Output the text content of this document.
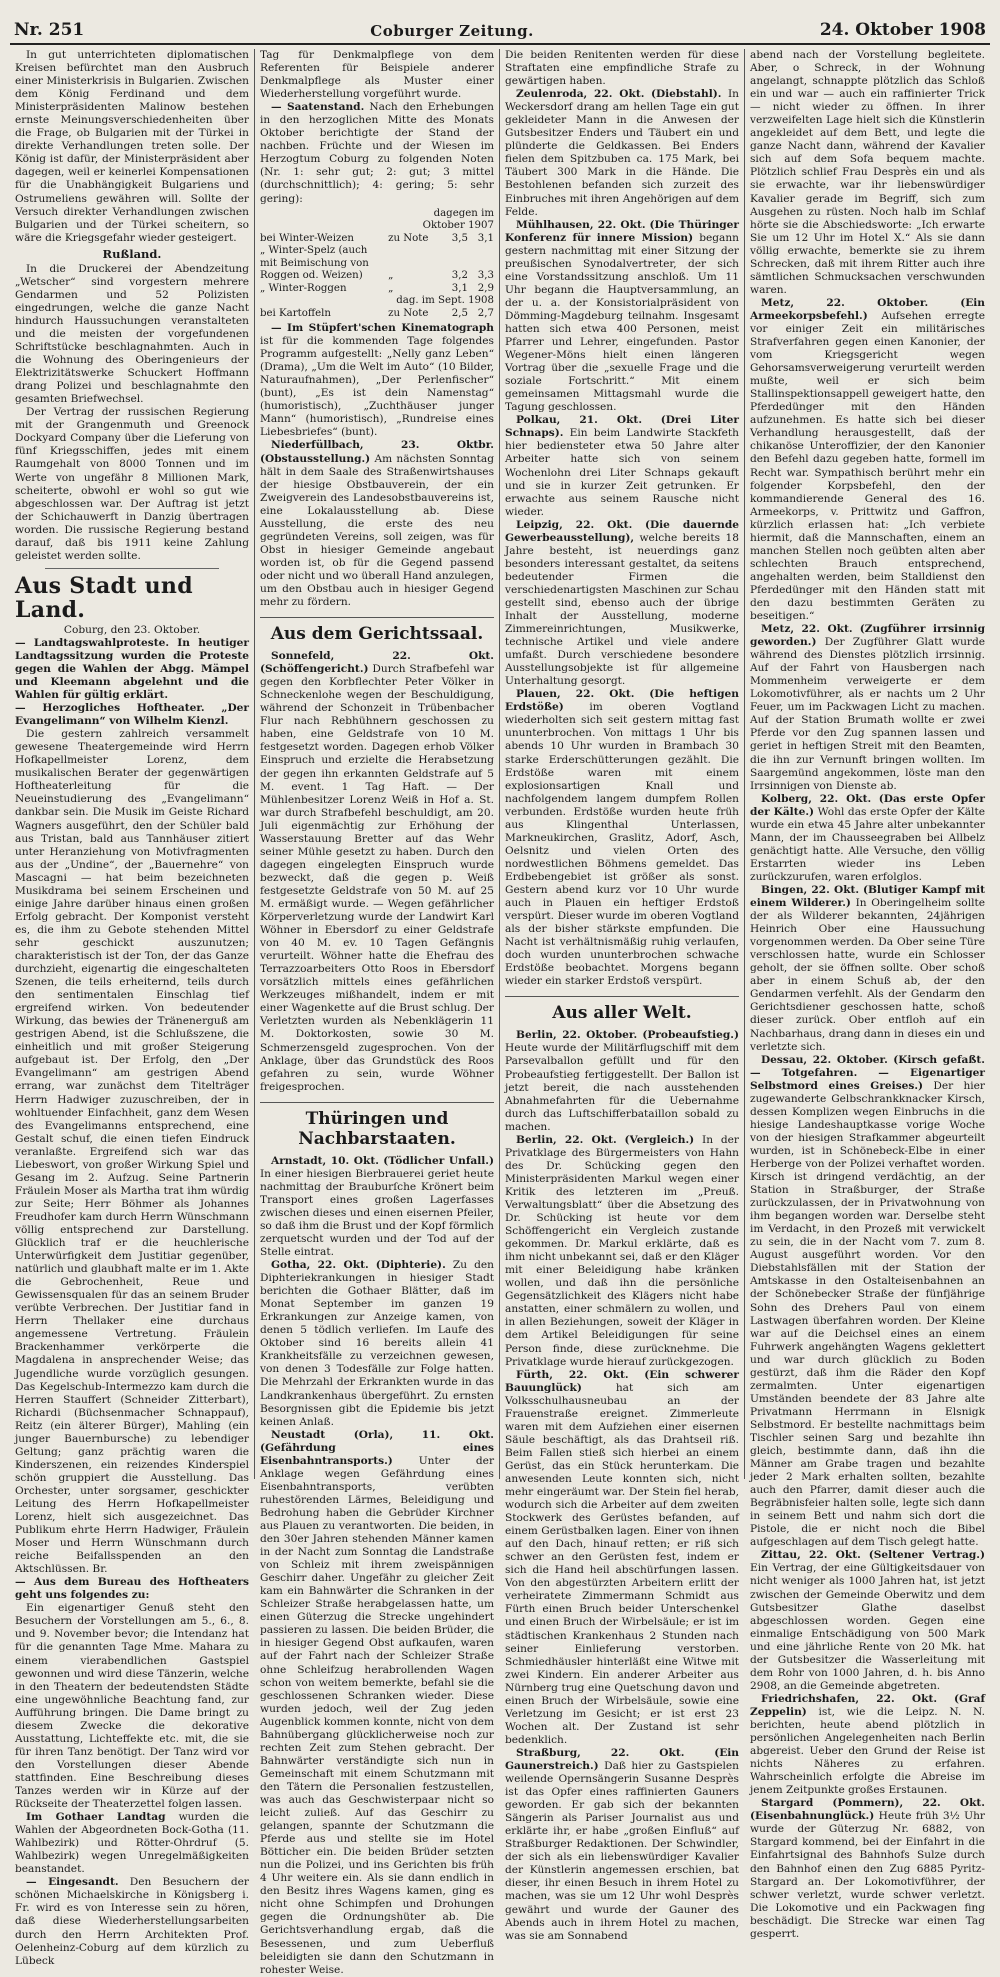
Nr. 251	Coburger Zeitung.	24. Oktober 1908

In gut unterrichteten diplomatischen Kreisen befürchtet man den Ausbruch einer Ministerkrisis in Bulgarien. Zwischen dem König Ferdinand und dem Ministerpräsidenten Malinow bestehen ernste Meinungsverschiedenheiten über die Frage, ob Bulgarien mit der Türkei in direkte Verhandlungen treten solle. Der König ist dafür, der Ministerpräsident aber dagegen, weil er keinerlei Kompensationen für die Unabhängigkeit Bulgariens und Ostrumeliens gewähren will. Sollte der Versuch direkter Verhandlungen zwischen Bulgarien und der Türkei scheitern, so wäre die Kriegsgefahr wieder gesteigert.

Rußland.

In die Druckerei der Abendzeitung „Wetscher“ sind vorgestern mehrere Gendarmen und 52 Polizisten eingedrungen, welche die ganze Nacht hindurch Haussuchungen veranstalteten und die meisten der vorgefundenen Schriftstücke beschlagnahmten. Auch in die Wohnung des Oberingenieurs der Elektrizitätswerke Schuckert Hoffmann drang Polizei und beschlagnahmte den gesamten Briefwechsel.

Der Vertrag der russischen Regierung mit der Grangenmuth und Greenock Dockyard Company über die Lieferung von fünf Kriegsschiffen, jedes mit einem Raumgehalt von 8000 Tonnen und im Werte von ungefähr 8 Millionen Mark, scheiterte, obwohl er wohl so gut wie abgeschlossen war. Der Auftrag ist jetzt der Schichauwerft in Danzig übertragen worden. Die russische Regierung bestand darauf, daß bis 1911 keine Zahlung geleistet werden sollte.

Aus Stadt und Land.
Coburg, den 23. Oktober.

— Landtagswahlproteste. In heutiger Landtagssitzung wurden die Proteste gegen die Wahlen der Abgg. Mämpel und Kleemann abgelehnt und die Wahlen für gültig erklärt.

— Herzogliches Hoftheater. „Der Evangelimann“ von Wilhelm Kienzl.

Die gestern zahlreich versammelt gewesene Theatergemeinde wird Herrn Hofkapellmeister Lorenz, dem musikalischen Berater der gegenwärtigen Hoftheaterleitung für die Neueinstudierung des „Evangelimann“ dankbar sein. Die Musik im Geiste Richard Wagners ausgeführt, den der Schüler bald aus Tristan, bald aus Tannhäuser zitiert unter Heranziehung von Motivfragmenten aus der „Undine“, der „Bauernehre“ von Mascagni — hat beim bezeichneten Musikdrama bei seinem Erscheinen und einige Jahre darüber hinaus einen großen Erfolg gebracht. Der Komponist versteht es, die ihm zu Gebote stehenden Mittel sehr geschickt auszunutzen; charakteristisch ist der Ton, der das Ganze durchzieht, eigenartig die eingeschalteten Szenen, die teils erheiternd, teils durch den sentimentalen Einschlag tief ergreifend wirken. Von bedeutender Wirkung, das bewies der Tränenerguß am gestrigen Abend, ist die Schlußszene, die einheitlich und mit großer Steigerung aufgebaut ist. Der Erfolg, den „Der Evangelimann“ am gestrigen Abend errang, war zunächst dem Titelträger Herrn Hadwiger zuzuschreiben, der in wohltuender Einfachheit, ganz dem Wesen des Evangelimanns entsprechend, eine Gestalt schuf, die einen tiefen Eindruck veranlaßte. Ergreifend sich war das Liebeswort, von großer Wirkung Spiel und Gesang im 2. Aufzug. Seine Partnerin Fräulein Moser als Martha trat ihm würdig zur Seite; Herr Böhmer als Johannes Freudhofer kam durch Herrn Wünschmann völlig entsprechend zur Darstellung. Glücklich traf er die heuchlerische Unterwürfigkeit dem Justitiar gegenüber, natürlich und glaubhaft malte er im 1. Akte die Gebrochenheit, Reue und Gewissensqualen für das an seinem Bruder verübte Verbrechen. Der Justitiar fand in Herrn Thellaker eine durchaus angemessene Vertretung. Fräulein Brackenhammer verkörperte die Magdalena in ansprechender Weise; das Jugendliche wurde vorzüglich gesungen. Das Kegelschub-Intermezzo kam durch die Herren Stauffert (Schneider Zitterbart), Richardi (Büchsenmacher Schnappauf), Reitz (ein älterer Bürger), Mahling (ein junger Bauernbursche) zu lebendiger Geltung; ganz prächtig waren die Kinderszenen, ein reizendes Kinderspiel schön gruppiert die Ausstellung. Das Orchester, unter sorgsamer, geschickter Leitung des Herrn Hofkapellmeister Lorenz, hielt sich ausgezeichnet. Das Publikum ehrte Herrn Hadwiger, Fräulein Moser und Herrn Wünschmann durch reiche Beifallsspenden an den Aktschlüssen. Br.

— Aus dem Bureau des Hoftheaters geht uns folgendes zu:

Ein eigenartiger Genuß steht den Besuchern der Vorstellungen am 5., 6., 8. und 9. November bevor; die Intendanz hat für die genannten Tage Mme. Mahara zu einem vierabendlichen Gastspiel gewonnen und wird diese Tänzerin, welche in den Theatern der bedeutendsten Städte eine ungewöhnliche Beachtung fand, zur Aufführung bringen. Die Dame bringt zu diesem Zwecke die dekorative Ausstattung, Lichteffekte etc. mit, die sie für ihren Tanz benötigt. Der Tanz wird vor den Vorstellungen dieser Abende stattfinden. Eine Beschreibung dieses Tanzes werden wir in Kürze auf der Rückseite der Theaterzettel folgen lassen.

Im Gothaer Landtag wurden die Wahlen der Abgeordneten Bock-Gotha (11. Wahlbezirk) und Rötter-Ohrdruf (5. Wahlbezirk) wegen Unregelmäßigkeiten beanstandet.

— Eingesandt. Den Besuchern der schönen Michaelskirche in Königsberg i. Fr. wird es von Interesse sein zu hören, daß diese Wiederherstellungsarbeiten durch den Herrn Architekten Prof. Oelenheinz-Coburg auf dem kürzlich zu Lübeck

Tag für Denkmalpflege von dem Referenten für Beispiele anderer Denkmalpflege als Muster einer Wiederherstellung vorgeführt wurde.

— Saatenstand. Nach den Erhebungen in den herzoglichen Mitte des Monats Oktober berichtigte der Stand der nachben. Früchte und der Wiesen im Herzogtum Coburg zu folgenden Noten (Nr. 1: sehr gut; 2: gut; 3 mittel (durchschnittlich); 4: gering; 5: sehr gering):

	dagegen im		
	Oktober 1907		
bei Winter-Weizen	zu Note	3,5	3,1
„ Winter-Spelz (auch			
mit Beimischung von			
Roggen od. Weizen)	„	3,2	3,3
„ Winter-Roggen	„	3,1	2,9
	dag. im Sept. 1908		
bei Kartoffeln	zu Note	2,5	2,7

— Im Stüpfert'schen Kinematograph ist für die kommenden Tage folgendes Programm aufgestellt: „Nelly ganz Leben“ (Drama), „Um die Welt im Auto“ (10 Bilder, Naturaufnahmen), „Der Perlenfischer“ (bunt), „Es ist dein Namenstag“ (humoristisch), „Zuchthäuser junger Mann“ (humoristisch), „Rundreise eines Liebesbriefes“ (bunt).

Niederfüllbach, 23. Oktbr. (Obstausstellung.) Am nächsten Sonntag hält in dem Saale des Straßenwirtshauses der hiesige Obstbauverein, der ein Zweigverein des Landesobstbauvereins ist, eine Lokalausstellung ab. Diese Ausstellung, die erste des neu gegründeten Vereins, soll zeigen, was für Obst in hiesiger Gemeinde angebaut worden ist, ob für die Gegend passend oder nicht und wo überall Hand anzulegen, um den Obstbau auch in hiesiger Gegend mehr zu fördern.

Aus dem Gerichtssaal.

Sonnefeld, 22. Okt. (Schöffengericht.) Durch Strafbefehl war gegen den Korbflechter Peter Völker in Schneckenlohe wegen der Beschuldigung, während der Schonzeit in Trübenbacher Flur nach Rebhühnern geschossen zu haben, eine Geldstrafe von 10 M. festgesetzt worden. Dagegen erhob Völker Einspruch und erzielte die Herabsetzung der gegen ihn erkannten Geldstrafe auf 5 M. event. 1 Tag Haft. — Der Mühlenbesitzer Lorenz Weiß in Hof a. St. war durch Strafbefehl beschuldigt, am 20. Juli eigenmächtig zur Erhöhung der Wasserstauung Bretter auf das Wehr seiner Mühle gesetzt zu haben. Durch den dagegen eingelegten Einspruch wurde bezweckt, daß die gegen p. Weiß festgesetzte Geldstrafe von 50 M. auf 25 M. ermäßigt wurde. — Wegen gefährlicher Körperverletzung wurde der Landwirt Karl Wöhner in Ebersdorf zu einer Geldstrafe von 40 M. ev. 10 Tagen Gefängnis verurteilt. Wöhner hatte die Ehefrau des Terrazzoarbeiters Otto Roos in Ebersdorf vorsätzlich mittels eines gefährlichen Werkzeuges mißhandelt, indem er mit einer Wagenkette auf die Brust schlug. Der Verletzten wurden als Nebenklägerin 11 M. Doktorkosten, sowie 30 M. Schmerzensgeld zugesprochen. Von der Anklage, über das Grundstück des Roos gefahren zu sein, wurde Wöhner freigesprochen.

Thüringen und Nachbarstaaten.

Arnstadt, 10. Okt. (Tödlicher Unfall.) In einer hiesigen Bierbrauerei geriet heute nachmittag der Brauburſche Krönert beim Transport eines großen Lagerfasses zwischen dieses und einen eisernen Pfeiler, so daß ihm die Brust und der Kopf förmlich zerquetscht wurden und der Tod auf der Stelle eintrat.

Gotha, 22. Okt. (Diphterie). Zu den Diphteriekrankungen in hiesiger Stadt berichten die Gothaer Blätter, daß im Monat September im ganzen 19 Erkrankungen zur Anzeige kamen, von denen 5 tödlich verliefen. Im Laufe des Oktober sind 16 bereits allein 41 Krankheitsfälle zu verzeichnen gewesen, von denen 3 Todesfälle zur Folge hatten. Die Mehrzahl der Erkrankten wurde in das Landkrankenhaus übergeführt. Zu ernsten Besorgnissen gibt die Epidemie bis jetzt keinen Anlaß.

Neustadt (Orla), 11. Okt. (Gefährdung eines Eisenbahntransports.) Unter der Anklage wegen Gefährdung eines Eisenbahntransports, verübten ruhestörenden Lärmes, Beleidigung und Bedrohung haben die Gebrüder Kirchner aus Plauen zu verantworten. Die beiden, in den 30er Jahren stehenden Männer kamen in der Nacht zum Sonntag die Landstraße von Schleiz mit ihrem zweispännigen Geschirr daher. Ungefähr zu gleicher Zeit kam ein Bahnwärter die Schranken in der Schleizer Straße herabgelassen hatte, um einen Güterzug die Strecke ungehindert passieren zu lassen. Die beiden Brüder, die in hiesiger Gegend Obst aufkaufen, waren auf der Fahrt nach der Schleizer Straße ohne Schleifzug herabrollenden Wagen schon von weitem bemerkte, befahl sie die geschlossenen Schranken wieder. Diese wurden jedoch, weil der Zug jeden Augenblick kommen konnte, nicht von dem Bahnübergang glücklicherweise noch zur rechten Zeit zum Stehen gebracht. Der Bahnwärter verständigte sich nun in Gemeinschaft mit einem Schutzmann mit den Tätern die Personalien festzustellen, was auch das Geschwisterpaar nicht so leicht zuließ. Auf das Geschirr zu gelangen, spannte der Schutzmann die Pferde aus und stellte sie im Hotel Bötticher ein. Die beiden Brüder setzten nun die Polizei, und ins Gerichten bis früh 4 Uhr weitere ein. Als sie dann endlich in den Besitz ihres Wagens kamen, ging es nicht ohne Schimpfen und Drohungen gegen die Ordnungshüter ab. Die Gerichtsverhandlung ergab, daß die Besessenen, und zum Ueberfluß beleidigten sie dann den Schutzmann in rohester Weise.

Die beiden Renitenten werden für diese Straftaten eine empfindliche Strafe zu gewärtigen haben.

Zeulenroda, 22. Okt. (Diebstahl). In Weckersdorf drang am hellen Tage ein gut gekleideter Mann in die Anwesen der Gutsbesitzer Enders und Täubert ein und plünderte die Geldkassen. Bei Enders fielen dem Spitzbuben ca. 175 Mark, bei Täubert 300 Mark in die Hände. Die Bestohlenen befanden sich zurzeit des Einbruches mit ihren Angehörigen auf dem Felde.

Mühlhausen, 22. Okt. (Die Thüringer Konferenz für innere Mission) begann gestern nachmittag mit einer Sitzung der preußischen Synodalvertreter, der sich eine Vorstandssitzung anschloß. Um 11 Uhr begann die Hauptversammlung, an der u. a. der Konsistorialpräsident von Dömming-Magdeburg teilnahm. Insgesamt hatten sich etwa 400 Personen, meist Pfarrer und Lehrer, eingefunden. Pastor Wegener-Möns hielt einen längeren Vortrag über die „sexuelle Frage und die soziale Fortschritt.“ Mit einem gemeinsamen Mittagsmahl wurde die Tagung geschlossen.

Polkau, 21. Okt. (Drei Liter Schnaps). Ein beim Landwirte Stackfeth hier bediensteter etwa 50 Jahre alter Arbeiter hatte sich von seinem Wochenlohn drei Liter Schnaps gekauft und sie in kurzer Zeit getrunken. Er erwachte aus seinem Rausche nicht wieder.

Leipzig, 22. Okt. (Die dauernde Gewerbeausstellung), welche bereits 18 Jahre besteht, ist neuerdings ganz besonders interessant gestaltet, da seitens bedeutender Firmen die verschiedenartigsten Maschinen zur Schau gestellt sind, ebenso auch der übrige Inhalt der Ausstellung, moderne Zimmereinrichtungen, Musikwerke, technische Artikel und viele andere umfaßt. Durch verschiedene besondere Ausstellungsobjekte ist für allgemeine Unterhaltung gesorgt.

Plauen, 22. Okt. (Die heftigen Erdstöße) im oberen Vogtland wiederholten sich seit gestern mittag fast ununterbrochen. Von mittags 1 Uhr bis abends 10 Uhr wurden in Brambach 30 starke Erderschütterungen gezählt. Die Erdstöße waren mit einem explosionsartigen Knall und nachfolgendem langem dumpfem Rollen verbunden. Erdstöße wurden heute früh aus Klingenthal Unterlassen, Markneukirchen, Graslitz, Adorf, Asch, Oelsnitz und vielen Orten des nordwestlichen Böhmens gemeldet. Das Erdbebengebiet ist größer als sonst. Gestern abend kurz vor 10 Uhr wurde auch in Plauen ein heftiger Erdstoß verspürt. Dieser wurde im oberen Vogtland als der bisher stärkste empfunden. Die Nacht ist verhältnismäßig ruhig verlaufen, doch wurden ununterbrochen schwache Erdstöße beobachtet. Morgens begann wieder ein starker Erdstoß verspürt.

Aus aller Welt.

Berlin, 22. Oktober. (Probeaufstieg.) Heute wurde der Militärflugschiff mit dem Parsevalballon gefüllt und für den Probeaufstieg fertiggestellt. Der Ballon ist jetzt bereit, die nach ausstehenden Abnahmefahrten für die Uebernahme durch das Luftschifferbataillon sobald zu machen.

Berlin, 22. Okt. (Vergleich.) In der Privatklage des Bürgermeisters von Hahn des Dr. Schücking gegen den Ministerpräsidenten Markul wegen einer Kritik des letzteren im „Preuß. Verwaltungsblatt“ über die Absetzung des Dr. Schücking ist heute vor dem Schöffengericht ein Vergleich zustande gekommen. Dr. Markul erklärte, daß es ihm nicht unbekannt sei, daß er den Kläger mit einer Beleidigung habe kränken wollen, und daß ihn die persönliche Gegensätzlichkeit des Klägers nicht habe anstatten, einer schmälern zu wollen, und in allen Beziehungen, soweit der Kläger in dem Artikel Beleidigungen für seine Person finde, diese zurücknehme. Die Privatklage wurde hierauf zurückgezogen.

Fürth, 22. Okt. (Ein schwerer Bauunglück)	hat sich am Volksschulhausneubau an der Frauenstraße ereignet. Zimmerleute waren mit dem Aufziehen einer eisernen Säule beschäftigt, als das Drahtseil riß. Beim Fallen stieß sich hierbei an einem Gerüst, das ein Stück herunterkam. Die anwesenden Leute konnten sich, nicht mehr eingeräumt war. Der Stein fiel herab, wodurch sich die Arbeiter auf dem zweiten Stockwerk des Gerüstes befanden, auf einem Gerüstbalken lagen. Einer von ihnen auf den Dach, hinauf retten; er riß sich schwer an den Gerüsten fest, indem er sich die Hand heil abschürfungen lassen. Von den abgestürzten Arbeitern erlitt der verheiratete Zimmermann Schmidt aus Fürth einen Bruch beider Unterschenkel und einen Bruch der Wirbelsäule; er ist im städtischen Krankenhaus 2 Stunden nach seiner Einlieferung verstorben. Schmiedhäusler hinterläßt eine Witwe mit zwei Kindern. Ein anderer Arbeiter aus Nürnberg trug eine Quetschung davon und einen Bruch der Wirbelsäule, sowie eine Verletzung im Gesicht; er ist erst 23 Wochen alt. Der Zustand ist sehr bedenklich.

Straßburg, 22. Okt.	(Ein Gaunerstreich.) Daß hier zu Gastspielen weilende Opernsängerin Susanne Desprès ist das Opfer eines raffinierten Gauners geworden. Er gab sich der bekannten Sängerin als Pariser Journalist aus und erklärte ihr, er habe „großen Einfluß“ auf Straßburger Redaktionen. Der Schwindler, der sich als ein liebenswürdiger Kavalier der Künstlerin angemessen erschien, bat dieser, ihr einen Besuch in ihrem Hotel zu machen, was sie um 12 Uhr wohl Desprès gewährt und wurde der Gauner des Abends auch in ihrem Hotel zu machen, was sie am Sonnabend

abend nach der Vorstellung begleitete. Aber, o Schreck, in der Wohnung angelangt, schnappte plötzlich das Schloß ein und war — auch ein raffinierter Trick — nicht wieder zu öffnen. In ihrer verzweifelten Lage hielt sich die Künstlerin angekleidet auf dem Bett, und legte die ganze Nacht dann, während der Kavalier sich auf dem Sofa bequem machte. Plötzlich schlief Frau Desprès ein und als sie erwachte, war ihr liebenswürdiger Kavalier gerade im Begriff, sich zum Ausgehen zu rüsten. Noch halb im Schlaf hörte sie die Abschiedsworte: „Ich erwarte Sie um 12 Uhr im Hotel X.“ Als sie dann völlig erwachte, bemerkte sie zu ihrem Schrecken, daß mit ihrem Ritter auch ihre sämtlichen Schmucksachen verschwunden waren.

Metz, 22. Oktober.	(Ein Armeekorpsbefehl.) Aufsehen erregte vor einiger Zeit ein militärisches Strafverfahren gegen einen Kanonier, der vom Kriegsgericht wegen Gehorsamsverweigerung verurteilt werden mußte, weil er sich beim Stallinspektionsappell geweigert hatte, den Pferdedünger mit den Händen aufzunehmen. Es hatte sich bei dieser Verhandlung herausgestellt, daß der chikanöse Unteroffizier, der den Kanonier den Befehl dazu gegeben hatte, formell im Recht war. Sympathisch berührt mehr ein folgender Korpsbefehl, den der kommandierende General des 16. Armeekorps, v. Prittwitz und Gaffron, kürzlich erlassen hat: „Ich verbiete hiermit, daß die Mannschaften, einem an manchen Stellen noch geübten alten aber schlechten Brauch entsprechend, angehalten werden, beim Stalldienst den Pferdedünger mit den Händen statt mit den dazu bestimmten Geräten zu beseitigen.“

Metz, 22. Okt. (Zugführer irrsinnig geworden.) Der Zugführer Glatt wurde während des Dienstes plötzlich irrsinnig. Auf der Fahrt von Hausbergen nach Mommenheim verweigerte er dem Lokomotivführer, als er nachts um 2 Uhr Feuer, um im Packwagen Licht zu machen. Auf der Station Brumath wollte er zwei Pferde vor den Zug spannen lassen und geriet in heftigen Streit mit den Beamten, die ihn zur Vernunft bringen wollten. Im Saargemünd angekommen, löste man den Irrsinnigen von Dienste ab.

Kolberg, 22. Okt. (Das erste Opfer der Kälte.) Wohl das erste Opfer der Kälte wurde ein etwa 45 Jahre alter unbekannter Mann, der im Chausseegraben bei Allbelz genächtigt hatte. Alle Versuche, den völlig Erstarrten wieder ins Leben zurückzurufen, waren erfolglos.

Bingen, 22. Okt. (Blutiger Kampf mit einem Wilderer.) In Oberingelheim sollte der als Wilderer bekannten, 24jährigen Heinrich Ober eine Haussuchung vorgenommen werden. Da Ober seine Türe verschlossen hatte, wurde ein Schlosser geholt, der sie öffnen sollte. Ober schoß aber in einem Schuß ab, der den Gendarmen verfehlt. Als der Gendarm den Gerichtsdiener geschossen hatte, schoß dieser zurück. Ober entfloh auf ein Nachbarhaus, drang dann in dieses ein und verletzte sich.

Dessau, 22. Oktober. (Kirsch gefaßt. — Totgefahren. — Eigenartiger Selbstmord eines Greises.) Der hier zugewanderte Gelbschrankknacker Kirsch, dessen Komplizen wegen Einbruchs in die hiesige Landeshauptkasse vorige Woche von der hiesigen Strafkammer abgeurteilt wurden, ist in Schönebeck-Elbe in einer Herberge von der Polizei verhaftet worden. Kirsch ist dringend verdächtig, an der Station in Straßburger, der Straße zurückzulassen, der in Privatwohnung von ihm begangen worden war. Derselbe steht im Verdacht, in den Prozeß mit verwickelt zu sein, die in der Nacht vom 7. zum 8. August ausgeführt worden. Vor den Diebstahlsfällen mit der Station der Amtskasse in den Ostalteisenbahnen an der Schönebecker Straße der fünfjährige Sohn des Drehers Paul von einem Lastwagen überfahren worden. Der Kleine war auf die Deichsel eines an einem Fuhrwerk angehängten Wagens geklettert und war durch glücklich zu Boden gestürzt, daß ihm die Räder den Kopf zermalmten. Unter eigenartigen Umständen beendete der 83 Jahre alte Privatmann Herrmann in Elsnigk Selbstmord. Er bestellte nachmittags beim Tischler seinen Sarg und bezahlte ihn gleich, bestimmte dann, daß ihn die Männer am Grabe tragen und bezahlte jeder 2 Mark erhalten sollten, bezahlte auch den Pfarrer, damit dieser auch die Begräbnisfeier halten solle, legte sich dann in seinem Bett und nahm sich dort die Pistole, die er nicht noch die Bibel aufgeschlagen auf dem Tisch gelegt hatte.

Zittau, 22. Okt. (Seltener Vertrag.) Ein Vertrag, der eine Gültigkeitsdauer von nicht weniger als 1000 Jahren hat, ist jetzt zwischen der Gemeinde Oberwitz und dem Gutsbesitzer Glathe daselbst abgeschlossen worden. Gegen eine einmalige Entschädigung von 500 Mark und eine jährliche Rente von 20 Mk. hat der Gutsbesitzer die Wasserleitung mit dem Rohr von 1000 Jahren, d. h. bis Anno 2908, an die Gemeinde abgetreten.

Friedrichshafen, 22. Okt. (Graf Zeppelin) ist, wie die Leipz. N. N. berichten, heute abend plötzlich in persönlichen Angelegenheiten nach Berlin abgereist. Ueber den Grund der Reise ist nichts Näheres zu erfahren. Wahrscheinlich erfolgte die Abreise im jenem Zeitpunkte großes Erstaunen.

Stargard (Pommern), 22. Okt. (Eisenbahnunglück.) Heute früh 3½ Uhr wurde der Güterzug Nr. 6882, von Stargard kommend, bei der Einfahrt in die Einfahrtsignal des Bahnhofs Sulze durch den Bahnhof einen den Zug 6885 Pyritz-Stargard an. Der Lokomotivführer, der schwer verletzt, wurde schwer verletzt. Die Lokomotive und ein Packwagen fing beschädigt. Die Strecke war einen Tag gesperrt.
